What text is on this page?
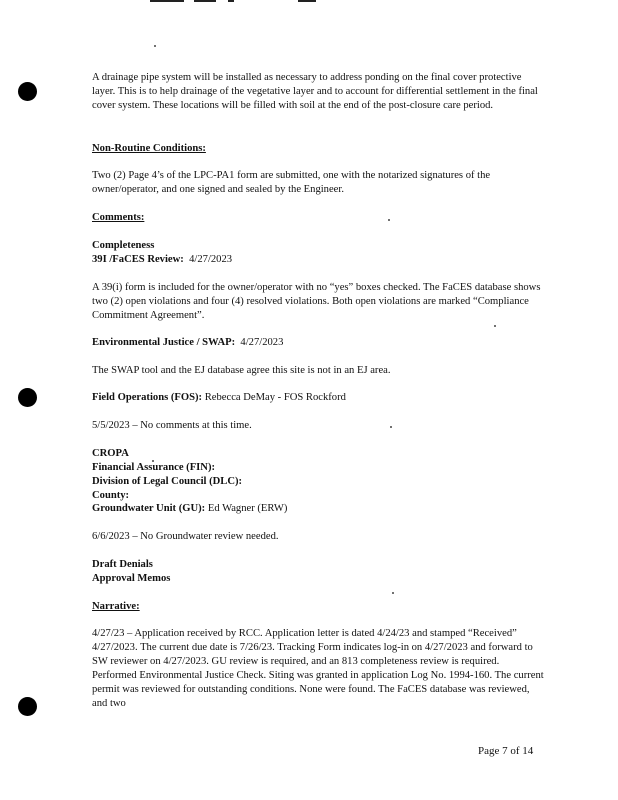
A drainage pipe system will be installed as necessary to address ponding on the final cover protective layer. This is to help drainage of the vegetative layer and to account for differential settlement in the final cover system. These locations will be filled with soil at the end of the post-closure care period.

Non-Routine Conditions:

Two (2) Page 4’s of the LPC-PA1 form are submitted, one with the notarized signatures of the owner/operator, and one signed and sealed by the Engineer.

Comments:

Completeness

39I /FaCES Review: 4/27/2023

A 39(i) form is included for the owner/operator with no “yes” boxes checked. The FaCES database shows two (2) open violations and four (4) resolved violations. Both open violations are marked “Compliance Commitment Agreement”.

Environmental Justice / SWAP: 4/27/2023

The SWAP tool and the EJ database agree this site is not in an EJ area.

Field Operations (FOS): Rebecca DeMay - FOS Rockford

5/5/2023 – No comments at this time.

CROPA

Financial Assurance (FIN):

Division of Legal Council (DLC):

County:

Groundwater Unit (GU): Ed Wagner (ERW)

6/6/2023 – No Groundwater review needed.

Draft Denials

Approval Memos

Narrative:

4/27/23 – Application received by RCC. Application letter is dated 4/24/23 and stamped “Received” 4/27/2023. The current due date is 7/26/23. Tracking Form indicates log-in on 4/27/2023 and forward to SW reviewer on 4/27/2023. GU review is required, and an 813 completeness review is required. Performed Environmental Justice Check. Siting was granted in application Log No. 1994-160. The current permit was reviewed for outstanding conditions. None were found. The FaCES database was reviewed, and two

Page 7 of 14
